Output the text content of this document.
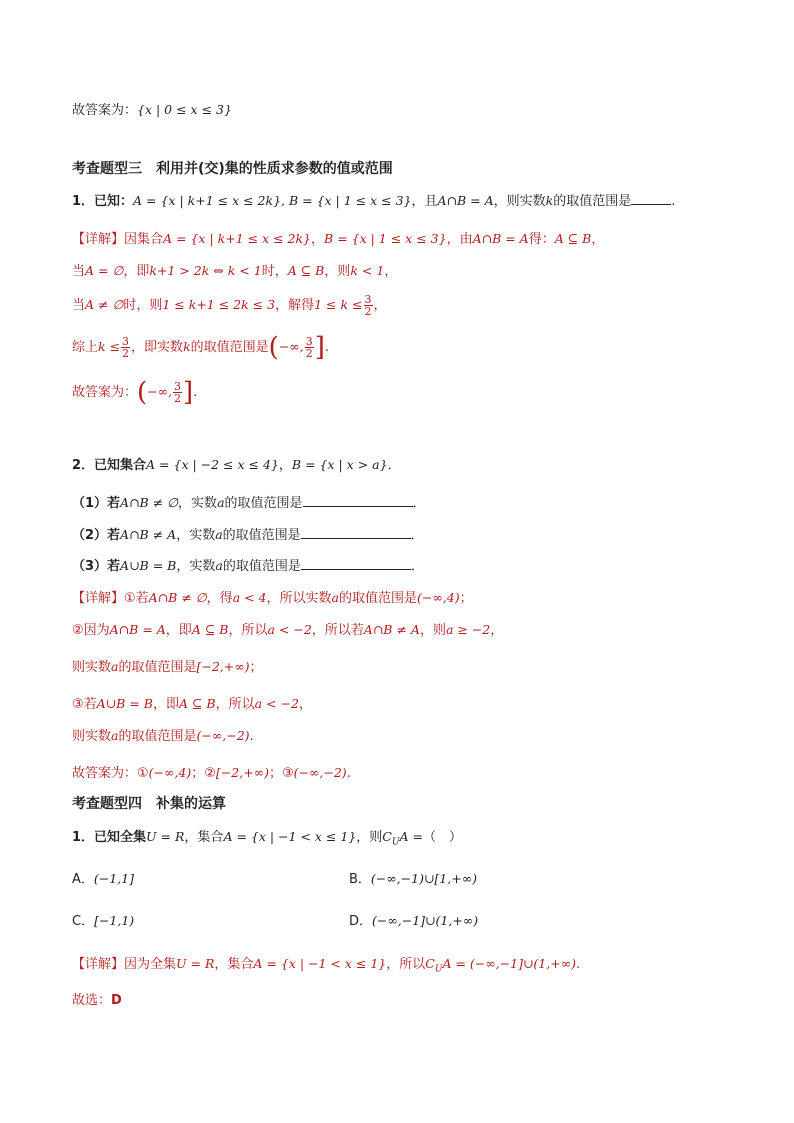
故答案为：{x | 0 ≤ x ≤ 3}
考查题型三　利用并(交)集的性质求参数的值或范围
1．已知：A = {x | k+1 ≤ x ≤ 2k}, B = {x | 1 ≤ x ≤ 3}，且A∩B = A，则实数k的取值范围是	.
【详解】因集合A = {x | k+1 ≤ x ≤ 2k}，B = {x | 1 ≤ x ≤ 3}，由A∩B = A得：A ⊆ B，
当A = ∅，即k+1 > 2k ⇔ k < 1时，A ⊆ B，则k < 1，
当A ≠ ∅时，则1 ≤ k+1 ≤ 2k ≤ 3，解得$1 \le k \le \frac{3}{2}$ ，
综上$k \le \frac{3}{2}$ ，即实数k的取值范围是(−∞, $\frac{3}{2}$ ].
故答案为：(−∞, $\frac{3}{2}$ ].
2．已知集合A = {x | −2 ≤ x ≤ 4}，B = {x | x > a}．
（1）若A∩B ≠ ∅，实数a的取值范围是	．
（2）若A∩B ≠ A，实数a的取值范围是	．
（3）若A∪B = B，实数a的取值范围是	．
【详解】①若A∩B ≠ ∅，得a < 4，所以实数a的取值范围是(−∞,4)；
②因为A∩B = A，即A ⊆ B，所以a < −2，所以若A∩B ≠ A，则a ≥ −2，
则实数a的取值范围是[−2,+∞)；
③若A∪B = B，即A ⊆ B，所以a < −2，
则实数a的取值范围是(−∞,−2).
故答案为：①(−∞,4)；②[−2,+∞)；③(−∞,−2).
考查题型四　补集的运算
1．已知全集U = R，集合A = {x | −1 < x ≤ 1}，则$C_UA$ =（　）
A．(−1,1]	B．(−∞,−1)∪[1,+∞)
C．[−1,1)	D．(−∞,−1]∪(1,+∞)
【详解】因为全集U = R，集合A = {x | −1 < x ≤ 1}，所以$C_UA$ = (−∞,−1]∪(1,+∞).
故选：D
